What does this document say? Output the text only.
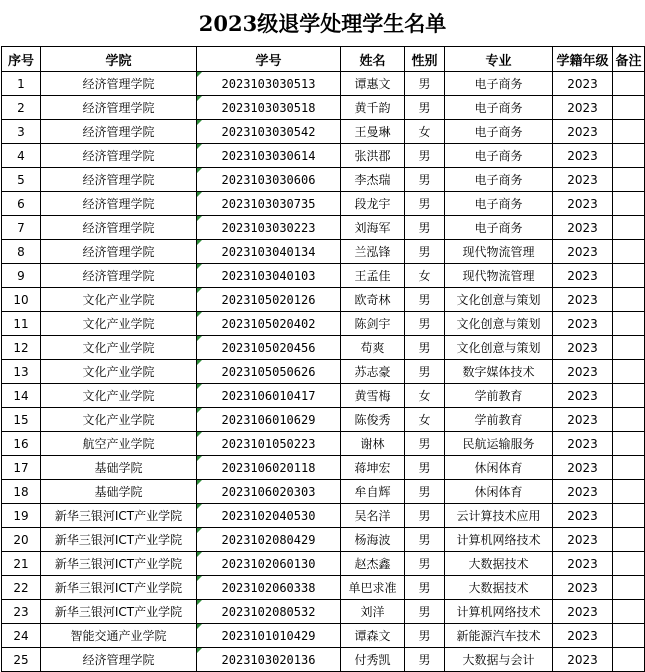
2023级退学处理学生名单
序号	学院	学号	姓名	性别	专业	学籍年级	备注
1	经济管理学院	2023103030513	谭惠文	男	电子商务	2023	
2	经济管理学院	2023103030518	黄千韵	男	电子商务	2023	
3	经济管理学院	2023103030542	王曼琳	女	电子商务	2023	
4	经济管理学院	2023103030614	张洪郡	男	电子商务	2023	
5	经济管理学院	2023103030606	李杰瑞	男	电子商务	2023	
6	经济管理学院	2023103030735	段龙宇	男	电子商务	2023	
7	经济管理学院	2023103030223	刘海军	男	电子商务	2023	
8	经济管理学院	2023103040134	兰泓锋	男	现代物流管理	2023	
9	经济管理学院	2023103040103	王孟佳	女	现代物流管理	2023	
10	文化产业学院	2023105020126	欧奇林	男	文化创意与策划	2023	
11	文化产业学院	2023105020402	陈剑宇	男	文化创意与策划	2023	
12	文化产业学院	2023105020456	苟爽	男	文化创意与策划	2023	
13	文化产业学院	2023105050626	苏志豪	男	数字媒体技术	2023	
14	文化产业学院	2023106010417	黄雪梅	女	学前教育	2023	
15	文化产业学院	2023106010629	陈俊秀	女	学前教育	2023	
16	航空产业学院	2023101050223	谢林	男	民航运输服务	2023	
17	基础学院	2023106020118	蒋坤宏	男	休闲体育	2023	
18	基础学院	2023106020303	牟自辉	男	休闲体育	2023	
19	新华三银河ICT产业学院	2023102040530	吴名洋	男	云计算技术应用	2023	
20	新华三银河ICT产业学院	2023102080429	杨海波	男	计算机网络技术	2023	
21	新华三银河ICT产业学院	2023102060130	赵杰鑫	男	大数据技术	2023	
22	新华三银河ICT产业学院	2023102060338	单巴求准	男	大数据技术	2023	
23	新华三银河ICT产业学院	2023102080532	刘洋	男	计算机网络技术	2023	
24	智能交通产业学院	2023101010429	谭森文	男	新能源汽车技术	2023	
25	经济管理学院	2023103020136	付秀凯	男	大数据与会计	2023	
